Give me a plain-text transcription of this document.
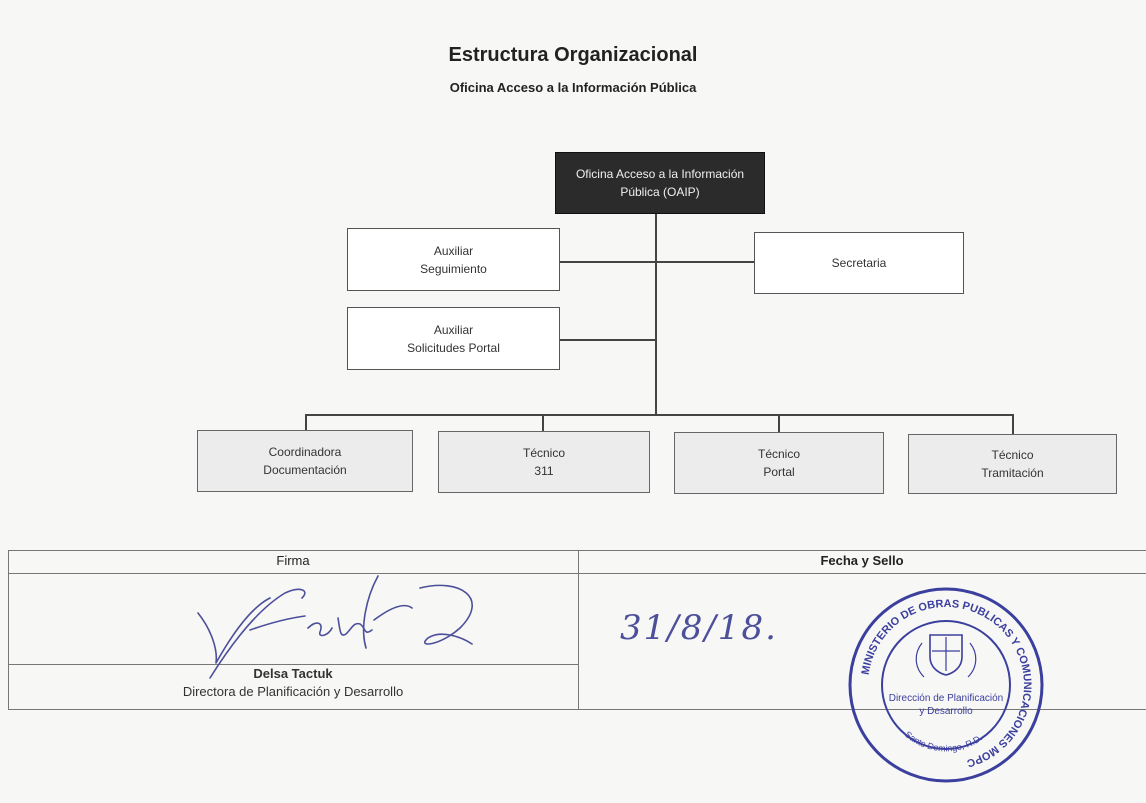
Estructura Organizacional
Oficina Acceso a la Información Pública
Oficina Acceso a la Información
Pública (OAIP)
Auxiliar
Seguimiento
Auxiliar
Solicitudes Portal
Secretaria
Coordinadora
Documentación
Técnico
311
Técnico
Portal
Técnico
Tramitación
Firma	Fecha y Sello
Delsa Tactuk
Directora de Planificación y Desarrollo
31/8/18.
MINISTERIO DE OBRAS PUBLICAS Y COMUNICACIONES MOPC
Dirección de Planificación
y Desarrollo
Santo Domingo, R.D.
